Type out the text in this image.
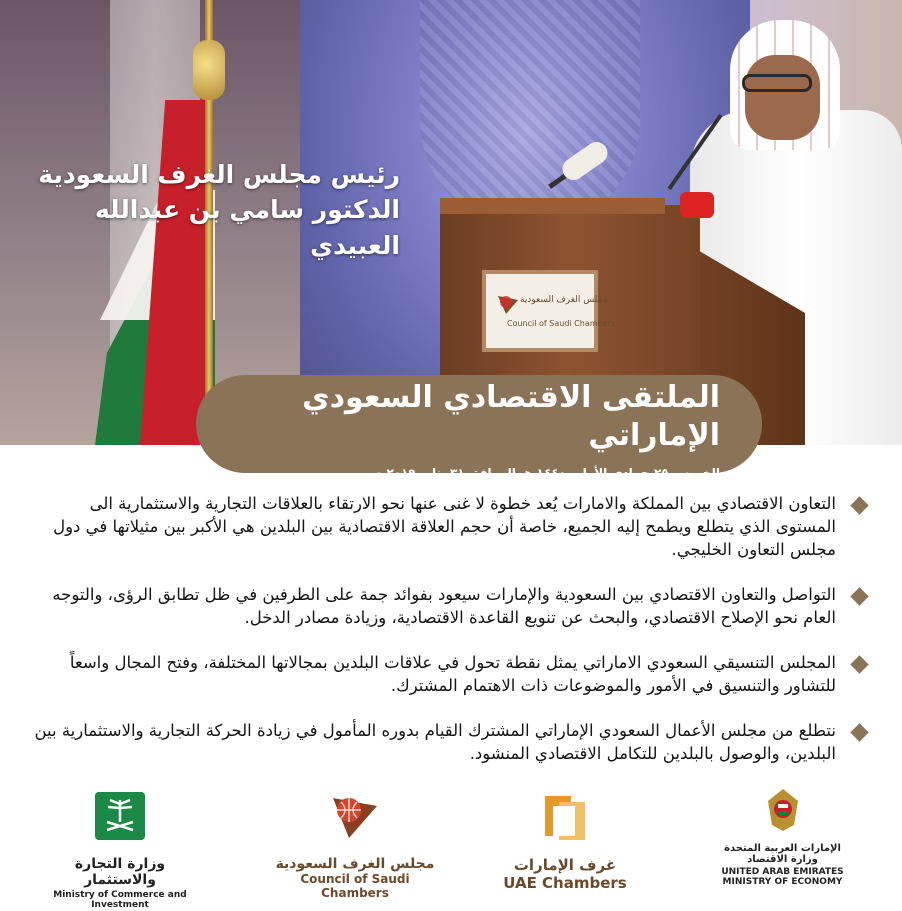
مجلس الغرف السعودية
Council of Saudi Chambers
رئيس مجلس الغرف السعودية
الدكتور سامي بن عبدالله العبيدي
الملتقى الاقتصادي السعودي الإماراتي
الخميس ٢٥ جمادى الأولى ١٤٤٠ هـ الموافق ٣١ يناير ٢٠١٩ م
فندق الرتز كارلتون - الرياض
التعاون الاقتصادي بين المملكة والامارات يُعد خطوة لا غنى عنها نحو الارتقاء بالعلاقات التجارية والاستثمارية الى المستوى الذي يتطلع ويطمح إليه الجميع، خاصة أن حجم العلاقة الاقتصادية بين البلدين هي الأكبر بين مثيلاتها في دول مجلس التعاون الخليجي.
التواصل والتعاون الاقتصادي بين السعودية والإمارات سيعود بفوائد جمة على الطرفين في ظل تطابق الرؤى، والتوجه العام نحو الإصلاح الاقتصادي، والبحث عن تنويع القاعدة الاقتصادية، وزيادة مصادر الدخل.
المجلس التنسيقي السعودي الاماراتي يمثل نقطة تحول في علاقات البلدين بمجالاتها المختلفة، وفتح المجال واسعاً للتشاور والتنسيق في الأمور والموضوعات ذات الاهتمام المشترك.
نتطلع من مجلس الأعمال السعودي الإماراتي المشترك القيام بدوره المأمول في زيادة الحركة التجارية والاستثمارية بين البلدين، والوصول بالبلدين للتكامل الاقتصادي المنشود.
وزارة التجارة والاستثمار
Ministry of Commerce and Investment
مجلس الغرف السعودية
Council of Saudi Chambers
غرف الإمارات
UAE Chambers
الإمارات العربية المتحدة
وزارة الاقتصاد
UNITED ARAB EMIRATES
MINISTRY OF ECONOMY
